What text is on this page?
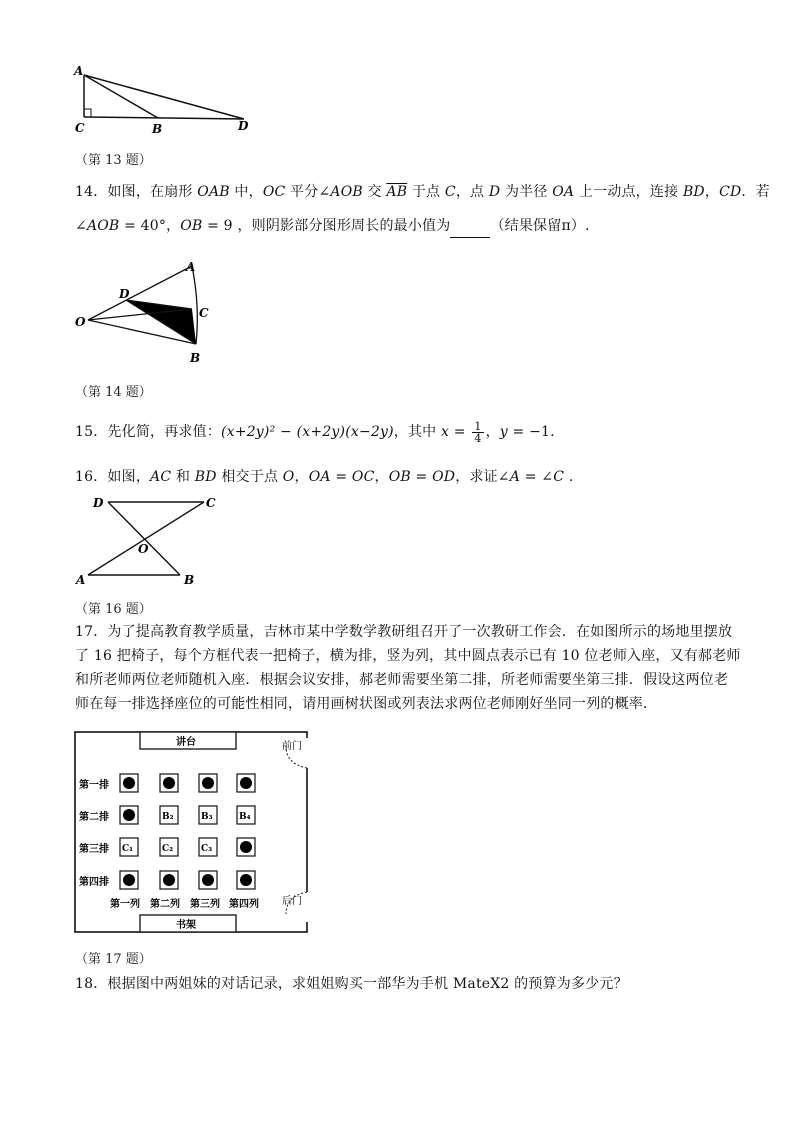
A
C	B	D
（第 13 题）
14．如图，在扇形 OAB 中，OC 平分∠AOB 交 $\overline{AB}$ 于点 C，点 D 为半径 OA 上一动点，连接 BD，CD．若
∠AOB = 40°，OB = 9 ，则阴影部分图形周长的最小值为	（结果保留π）.
A
D
C
O
B
（第 14 题）
15．先化简，再求值：(x+2y)² − (x+2y)(x−2y)，其中 $x = \frac{1}{4}$ ，y = −1.
16．如图，AC 和 BD 相交于点 O，OA = OC，OB = OD，求证∠A = ∠C .
D	C
O
A	B
（第 16 题）
17．为了提高教育教学质量，吉林市某中学数学教研组召开了一次教研工作会．在如图所示的场地里摆放
了 16 把椅子，每个方框代表一把椅子，横为排，竖为列，其中圆点表示已有 10 位老师入座，又有郝老师
和所老师两位老师随机入座．根据会议安排，郝老师需要坐第二排，所老师需要坐第三排．假设这两位老
师在每一排选择座位的可能性相同，请用画树状图或列表法求两位老师刚好坐同一列的概率．
前门
后门
讲台
书架
第一排
第二排
第三排
第四排
B₂	B₃	B₄
C₁	C₂	C₃
第一列 第二列 第三列 第四列
（第 17 题）
18．根据图中两姐妹的对话记录，求姐姐购买一部华为手机 MateX2 的预算为多少元？
